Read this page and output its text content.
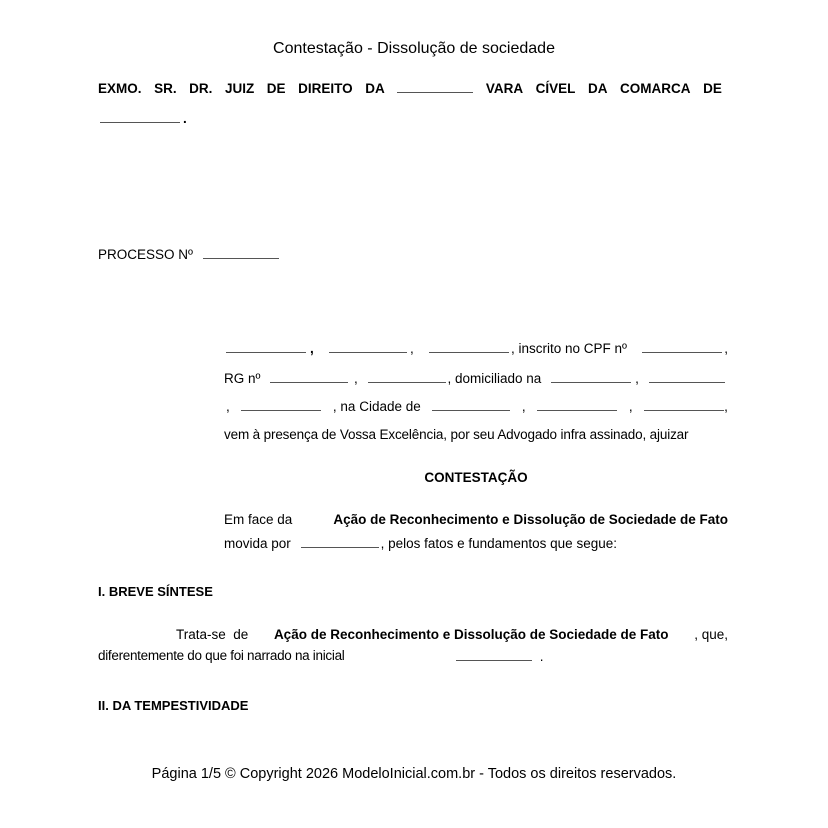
Contestação - Dissolução de sociedade
EXMO. SR. DR. JUIZ DE DIREITO DA	VARA CÍVEL DA COMARCA DE
.
PROCESSO Nº
,	,	, inscrito no CPF nº	,
RG nº	,	, domiciliado na	,
,	, na Cidade de	,	,	,
vem à presença de Vossa Excelência, por seu Advogado infra assinado, ajuizar
CONTESTAÇÃO
Em face da	Ação de Reconhecimento e Dissolução de Sociedade de Fato
movida por	, pelos fatos e fundamentos que segue:
I. BREVE SÍNTESE
Trata-se  de Ação de Reconhecimento e Dissolução de Sociedade de Fato , que,
diferentemente do que foi narrado na inicial	.
II. DA TEMPESTIVIDADE
Página 1/5 © Copyright 2026 ModeloInicial.com.br - Todos os direitos reservados.
